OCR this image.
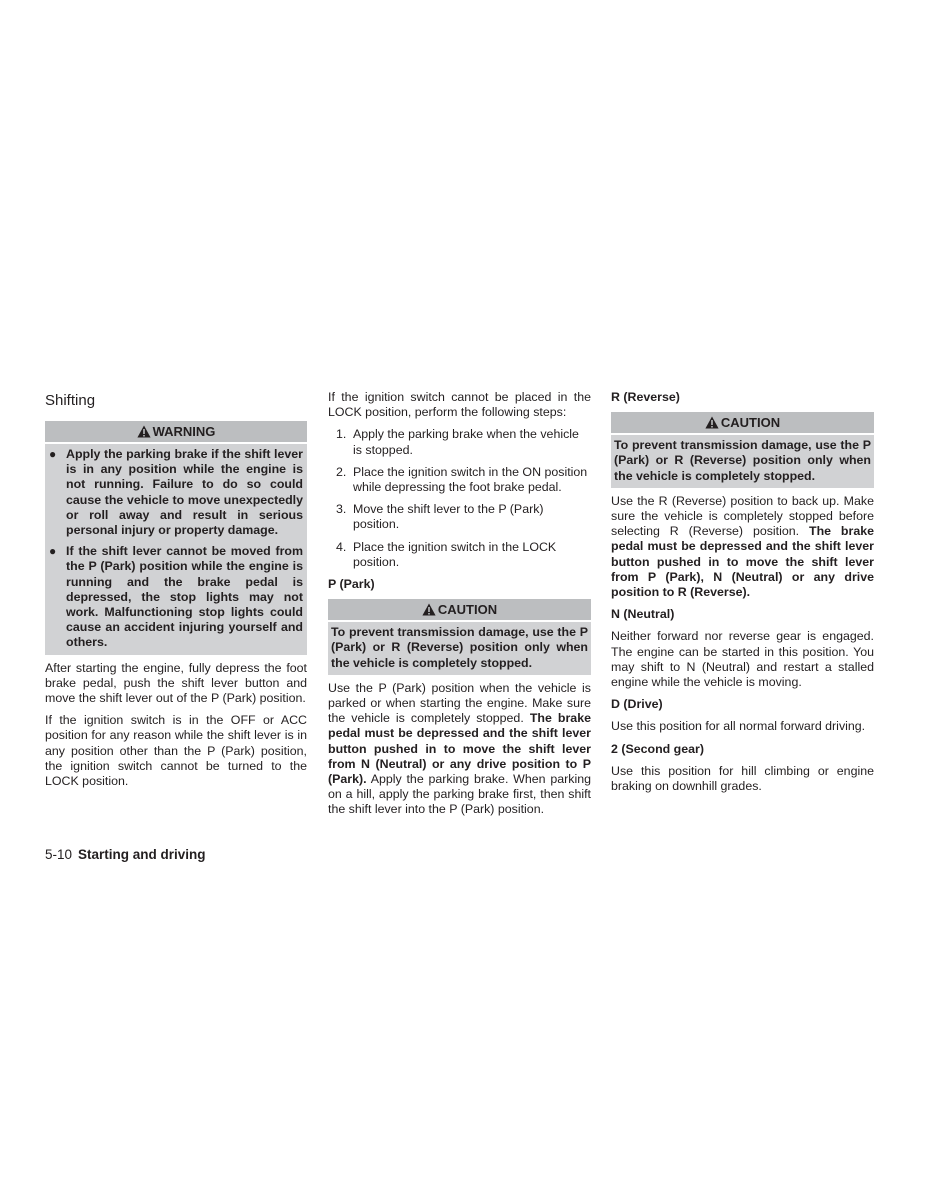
Shifting
WARNING
● Apply the parking brake if the shift lever is in any position while the engine is not running. Failure to do so could cause the vehicle to move unexpectedly or roll away and result in serious personal injury or property damage.
● If the shift lever cannot be moved from the P (Park) position while the engine is running and the brake pedal is depressed, the stop lights may not work. Malfunctioning stop lights could cause an accident injuring yourself and others.

After starting the engine, fully depress the foot brake pedal, push the shift lever button and move the shift lever out of the P (Park) position.

If the ignition switch is in the OFF or ACC position for any reason while the shift lever is in any position other than the P (Park) position, the ignition switch cannot be turned to the LOCK position.

If the ignition switch cannot be placed in the LOCK position, perform the following steps:

1. Apply the parking brake when the vehicle is stopped.
2. Place the ignition switch in the ON position while depressing the foot brake pedal.
3. Move the shift lever to the P (Park) position.
4. Place the ignition switch in the LOCK position.
P (Park)
CAUTION
To prevent transmission damage, use the P (Park) or R (Reverse) position only when the vehicle is completely stopped.

Use the P (Park) position when the vehicle is parked or when starting the engine. Make sure the vehicle is completely stopped. The brake pedal must be depressed and the shift lever button pushed in to move the shift lever from N (Neutral) or any drive position to P (Park). Apply the parking brake. When parking on a hill, apply the parking brake first, then shift the shift lever into the P (Park) position.

R (Reverse)
CAUTION
To prevent transmission damage, use the P (Park) or R (Reverse) position only when the vehicle is completely stopped.

Use the R (Reverse) position to back up. Make sure the vehicle is completely stopped before selecting R (Reverse) position. The brake pedal must be depressed and the shift lever button pushed in to move the shift lever from P (Park), N (Neutral) or any drive position to R (Reverse).

N (Neutral)

Neither forward nor reverse gear is engaged. The engine can be started in this position. You may shift to N (Neutral) and restart a stalled engine while the vehicle is moving.

D (Drive)

Use this position for all normal forward driving.

2 (Second gear)

Use this position for hill climbing or engine braking on downhill grades.

5-10 Starting and driving
